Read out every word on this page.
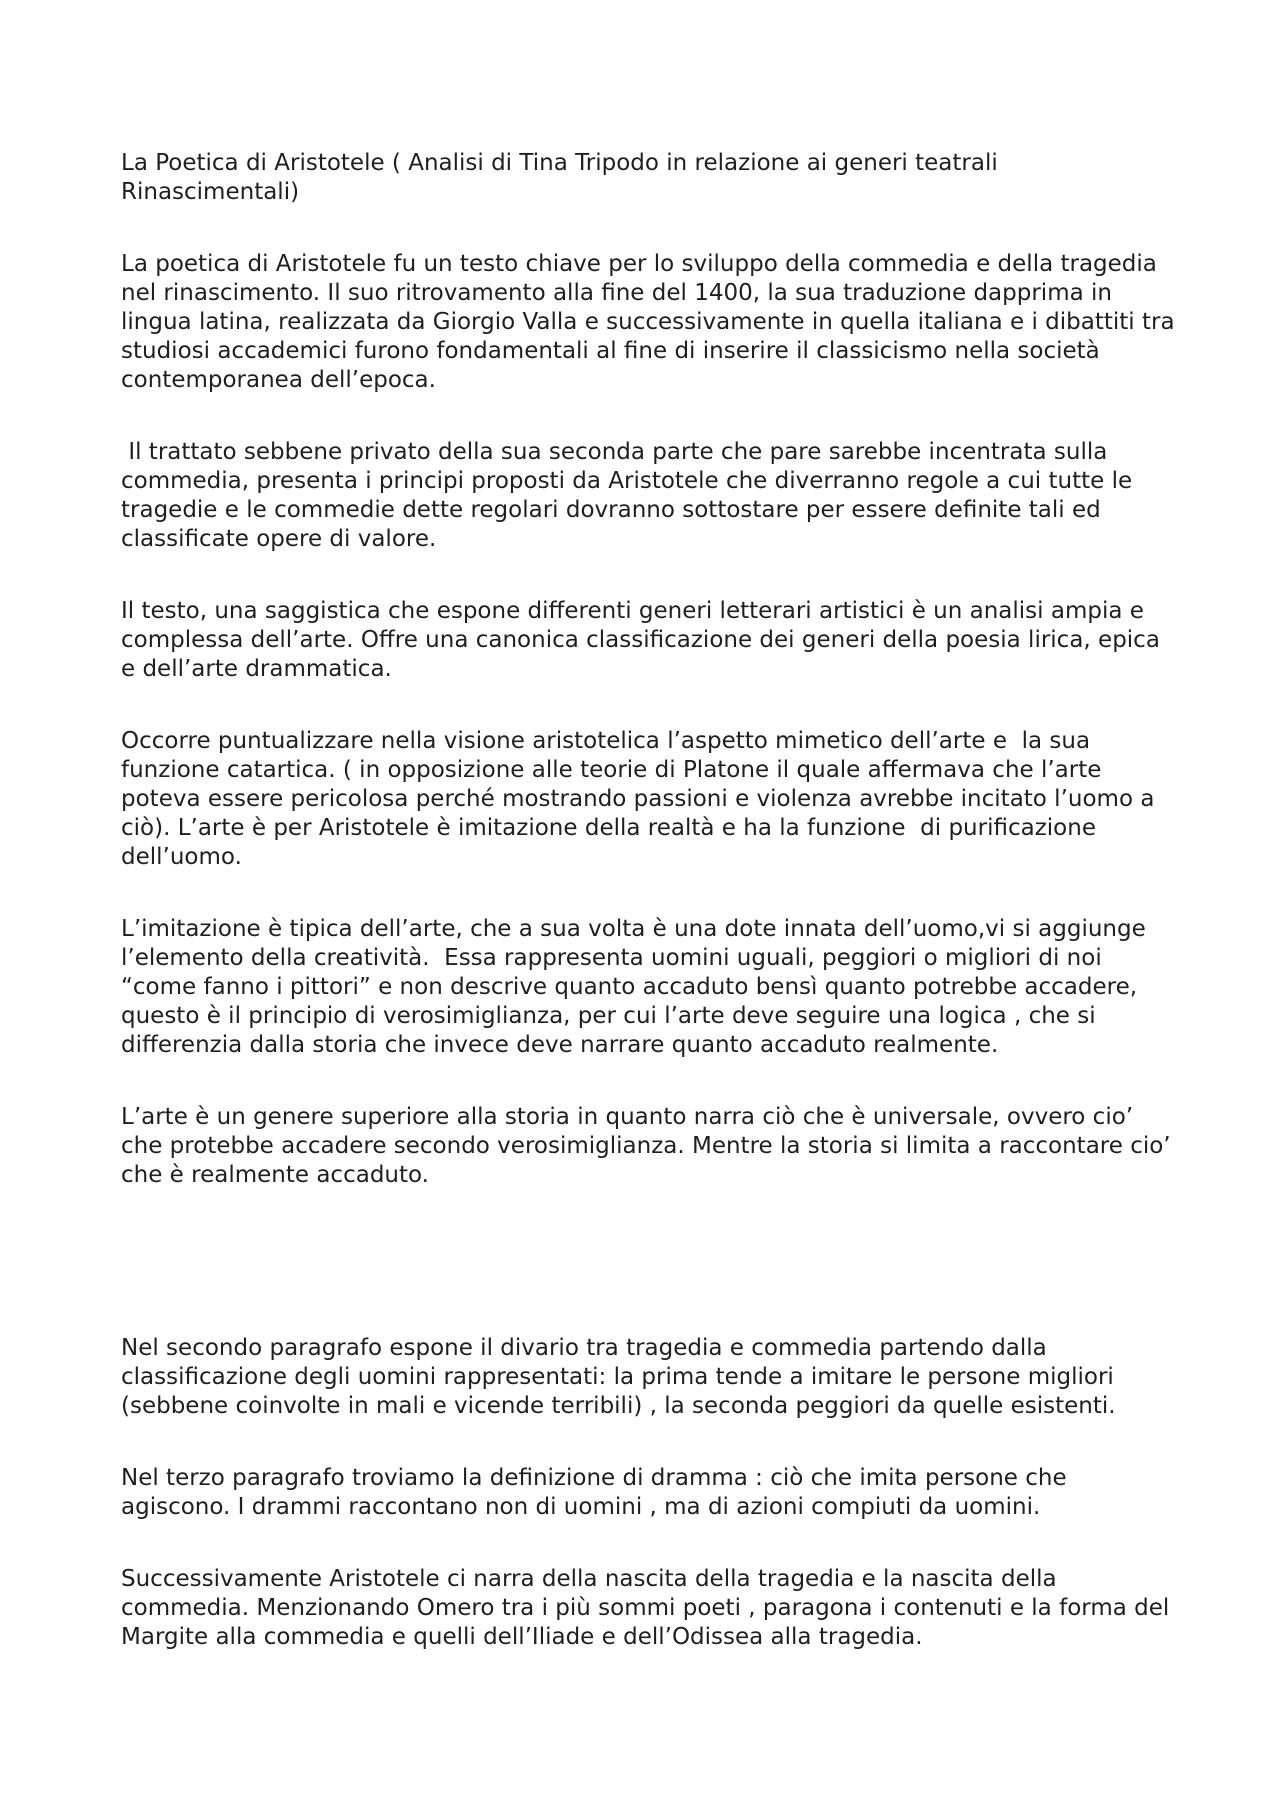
La Poetica di Aristotele ( Analisi di Tina Tripodo in relazione ai generi teatrali Rinascimentali)

La poetica di Aristotele fu un testo chiave per lo sviluppo della commedia e della tragedia nel rinascimento. Il suo ritrovamento alla fine del 1400, la sua traduzione dapprima in lingua latina, realizzata da Giorgio Valla e successivamente in quella italiana e i dibattiti tra studiosi accademici furono fondamentali al fine di inserire il classicismo nella società contemporanea dell’epoca.

Il trattato sebbene privato della sua seconda parte che pare sarebbe incentrata sulla commedia, presenta i principi proposti da Aristotele che diverranno regole a cui tutte le tragedie e le commedie dette regolari dovranno sottostare per essere definite tali ed classificate opere di valore.

Il testo, una saggistica che espone differenti generi letterari artistici è un analisi ampia e complessa dell’arte. Offre una canonica classificazione dei generi della poesia lirica, epica e dell’arte drammatica.

Occorre puntualizzare nella visione aristotelica l’aspetto mimetico dell’arte e  la sua funzione catartica. ( in opposizione alle teorie di Platone il quale affermava che l’arte poteva essere pericolosa perché mostrando passioni e violenza avrebbe incitato l’uomo a ciò). L’arte è per Aristotele è imitazione della realtà e ha la funzione  di purificazione dell’uomo.

L’imitazione è tipica dell’arte, che a sua volta è una dote innata dell’uomo,vi si aggiunge l’elemento della creatività.  Essa rappresenta uomini uguali, peggiori o migliori di noi “come fanno i pittori” e non descrive quanto accaduto bensì quanto potrebbe accadere, questo è il principio di verosimiglianza, per cui l’arte deve seguire una logica , che si differenzia dalla storia che invece deve narrare quanto accaduto realmente.

L’arte è un genere superiore alla storia in quanto narra ciò che è universale, ovvero cio’ che protebbe accadere secondo verosimiglianza. Mentre la storia si limita a raccontare cio’ che è realmente accaduto.

Nel secondo paragrafo espone il divario tra tragedia e commedia partendo dalla classificazione degli uomini rappresentati: la prima tende a imitare le persone migliori (sebbene coinvolte in mali e vicende terribili) , la seconda peggiori da quelle esistenti.

Nel terzo paragrafo troviamo la definizione di dramma : ciò che imita persone che agiscono. I drammi raccontano non di uomini , ma di azioni compiuti da uomini.

Successivamente Aristotele ci narra della nascita della tragedia e la nascita della commedia. Menzionando Omero tra i più sommi poeti , paragona i contenuti e la forma del Margite alla commedia e quelli dell’Iliade e dell’Odissea alla tragedia.
